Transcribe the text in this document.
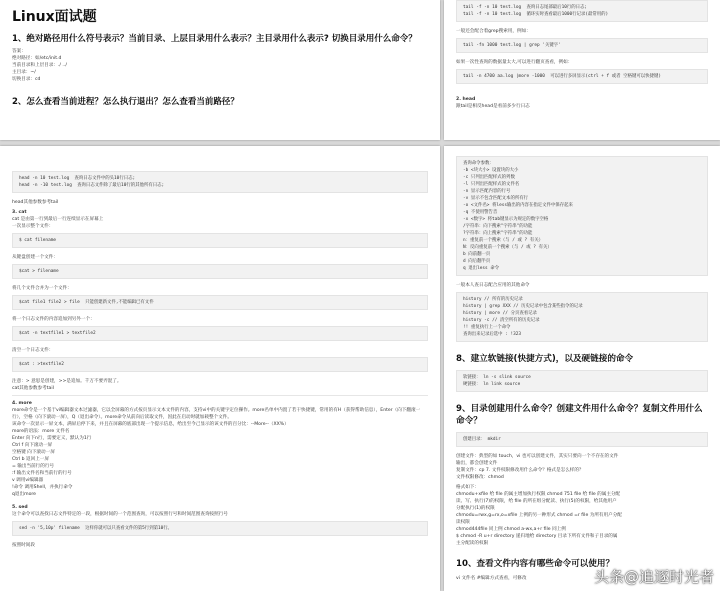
Linux面试题
1、绝对路径用什么符号表示？当前目录、上层目录用什么表示？主目录用什么表示? 切换目录用什么命令？
答案：
绝对路径：如/etc/init.d
当前目录和上层目录：./ ../
主目录：~/
切换目录：cd
2、怎么查看当前进程？怎么执行退出？怎么查看当前路径？
tail -f -n 10 test.log  查询日志尾部最后10行的日志;
tail -f -n 10 test.log  循环实时查看最后1000行记录(最常用的)
一般还会配合着grep搜索用，例如：
tail -fn 1000 test.log | grep '关键字'
如果一次性查询的数据量太大,可以进行翻页查看，例如：
tail -n 4700 aa.log |more -1000  可以进行多屏显示(ctrl + f 或者 空格键可以快捷键)
2. head
跟tail是相反head是看前多少行日志
head -n 10 test.log  查询日志文件中的头10行日志;
head -n -10 test.log  查询日志文件除了最后10行的其他所有日志;
head其他参数参考tail
3. cat
cat 是由第一行到最后一行连续显示在屏幕上
一次显示整个文件：
$ cat filename
从键盘创建一个文件：
$cat > filename
将几个文件合并为一个文件：
$cat file1 file2 > file  只能创建新文件,不能编辑已有文件
将一个日志文件的内容追加到另外一个：
$cat -n textfile1 > textfile2
清空一个日志文件：
$cat : >textfile2
注意：> 意思是创建，>>是追加。千万不要弄混了。
cat其他参数参考tail
4. more
more命令是一个基于vi编辑器文本过滤器，它以全屏幕的方式按页显示文本文件的内容，支持vi中的关键字定位操作。more名单中内置了若干快捷键，常用的有H（获得帮助信息），Enter（向下翻滚一行），空格（向下滚动一屏），Q（退出命令）。more命令从前向后读取文件，因此在启动时就加载整个文件。
该命令一次显示一屏文本，满屏后停下来，并且在屏幕的底部出现一个提示信息，给出至今己显示的该文件的百分比：--More--（XX%）
more的语法：more 文件名
Enter 向下n行，需要定义，默认为1行
Ctrl f 向下滚动一屏
空格键 向下滚动一屏
Ctrl b 返回上一屏
= 输出当前行的行号
:f 输出文件名和当前行的行号
v 调用vi编辑器
!命令 调用Shell，并执行命令
q退出more
5. sed
这个命令可以查找日志文件特定的一段，根据时间的一个范围查询，可以按照行号和时间范围查询按照行号
sed -n '5,10p' filename  这样你就可以只查看文件的第5行到第10行。
按照时间段
查询命令参数：
-b <块大小> 设置块的大小
-c 只列出匹配样式的列数
-l 只列出匹配样式的文件名
-n 显示匹配内容的行号
-v 显示不包含匹配文本的所有行
-o <文件名> 将less输出的内容在指定文件中保存起来
-q 不使用警告音
-x <数字> 将tab键显示为规定的数字空格
/字符串：向下搜索"字符串"的功能
?字符串：向上搜索"字符串"的功能
n：重复前一个搜索（与 / 或 ? 有关）
N：反向重复前一个搜索（与 / 或 ? 有关）
b 向前翻一页
d 向后翻半页
q 退出less 命令
一般本人查日志配合应用的其他命令
history // 所有的历史记录
history | grep XXX // 历史记录中包含某些指令的记录
history | more // 分页查看记录
history -c // 清空所有的历史记录
!! 重复执行上一个命令
查询出来记录后选中 : !323
8、建立软链接(快捷方式)，以及硬链接的命令
软链接： ln -s slink source
硬链接： ln link source
9、目录创建用什么命令？创建文件用什么命令？复制文件用什么命令？
创建目录： mkdir
创建文件：典型的如 touch，vi 也可以创建文件，其实只要向一个不存在的文件
输出，都会创建文件
复制文件：cp 7. 文件权限修改用什么命令？格式是怎么样的？
文件权限修改：chmod
格式如下：
chmodu+xfile 给 file 的属主增加执行权限 chmod 751 file 给 file 的属主分配
读、写、执行(7)的权限，给 file 的所在组分配读、执行(5)的权限，给其他用户
分配执行(1)的权限
chmodu=rwx,g=rx,o=xfile 上例的另一种形式 chmod =r file 为所有用户分配
读权限
chmod444file 同上例 chmod a-wx,a+r file 同上例
$ chmod -R u+r directory 递归地给 directory 目录下所有文件和子目录的属
主分配读的权限
10、查看文件内容有哪些命令可以使用？
vi 文件名 #编辑方式查看，可修改	头条@追逐时光者
